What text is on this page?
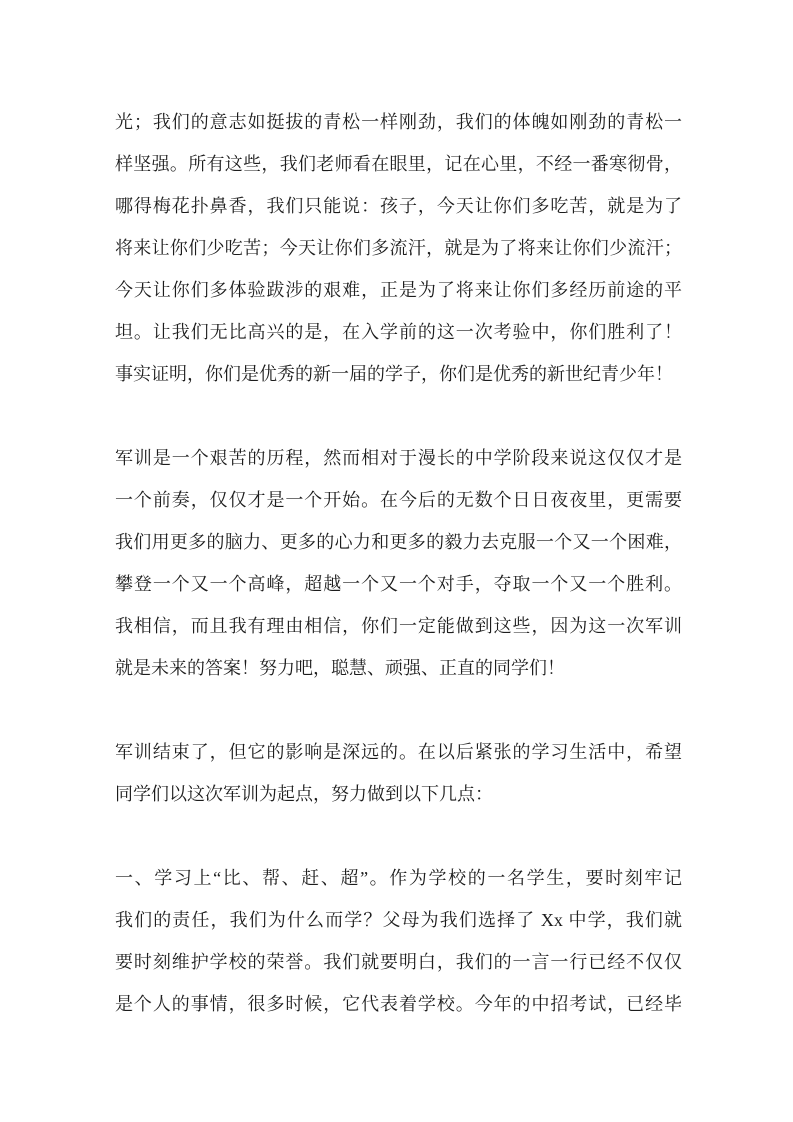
光；我们的意志如挺拔的青松一样刚劲，我们的体魄如刚劲的青松一
样坚强。所有这些，我们老师看在眼里，记在心里，不经一番寒彻骨，
哪得梅花扑鼻香，我们只能说：孩子，今天让你们多吃苦，就是为了
将来让你们少吃苦；今天让你们多流汗，就是为了将来让你们少流汗；
今天让你们多体验跋涉的艰难，正是为了将来让你们多经历前途的平
坦。让我们无比高兴的是，在入学前的这一次考验中，你们胜利了！
事实证明，你们是优秀的新一届的学子，你们是优秀的新世纪青少年！
军训是一个艰苦的历程，然而相对于漫长的中学阶段来说这仅仅才是
一个前奏，仅仅才是一个开始。在今后的无数个日日夜夜里，更需要
我们用更多的脑力、更多的心力和更多的毅力去克服一个又一个困难，
攀登一个又一个高峰，超越一个又一个对手，夺取一个又一个胜利。
我相信，而且我有理由相信，你们一定能做到这些，因为这一次军训
就是未来的答案！努力吧，聪慧、顽强、正直的同学们！
军训结束了，但它的影响是深远的。在以后紧张的学习生活中，希望
同学们以这次军训为起点，努力做到以下几点：
一、学习上“比、帮、赶、超”。作为学校的一名学生，要时刻牢记
我们的责任，我们为什么而学？父母为我们选择了 Xx 中学，我们就
要时刻维护学校的荣誉。我们就要明白，我们的一言一行已经不仅仅
是个人的事情，很多时候，它代表着学校。今年的中招考试，已经毕
